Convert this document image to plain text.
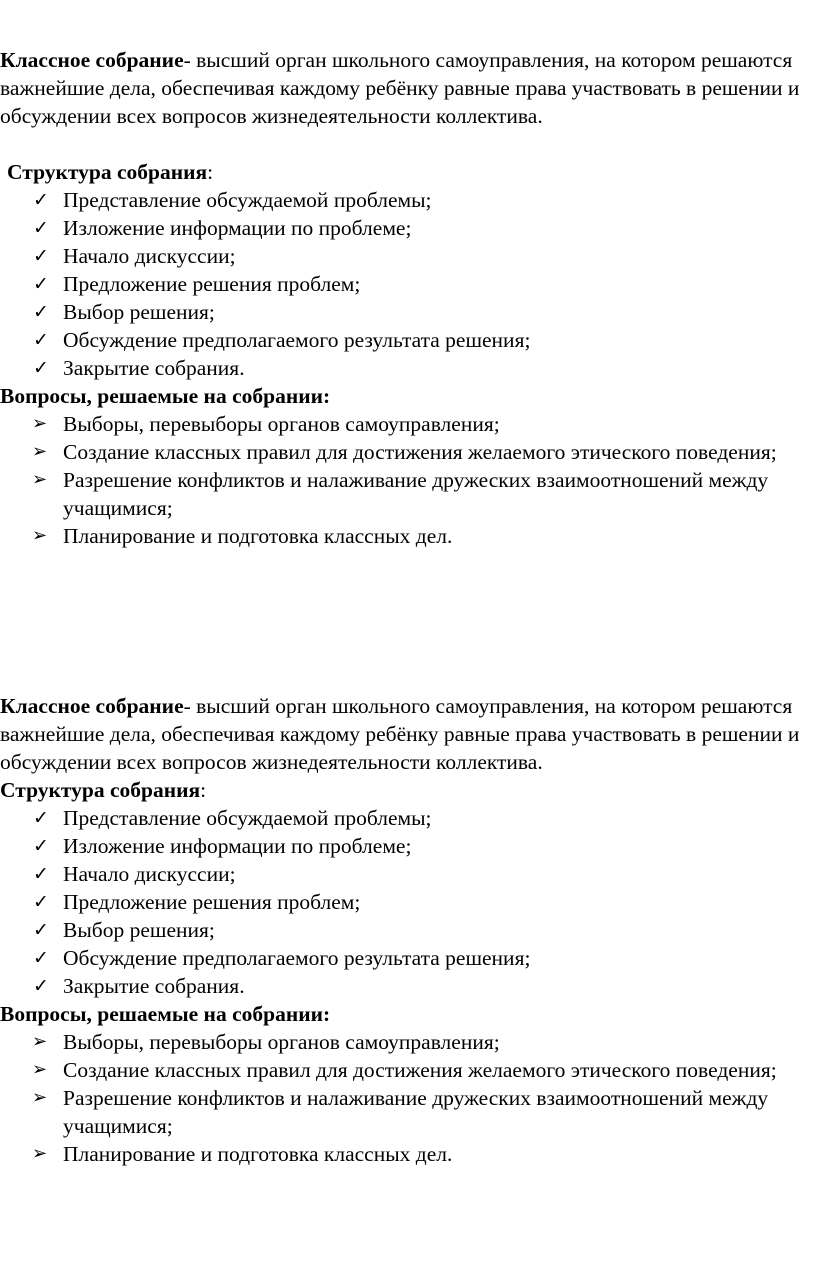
Классное собрание- высший орган школьного самоуправления, на котором решаются важнейшие дела, обеспечивая каждому ребёнку равные права участвовать в решении и обсуждении всех вопросов жизнедеятельности коллектива.

Структура собрания:

✓ Представление обсуждаемой проблемы;
✓ Изложение информации по проблеме;
✓ Начало дискуссии;
✓ Предложение решения проблем;
✓ Выбор решения;
✓ Обсуждение предполагаемого результата решения;
✓ Закрытие собрания.

Вопросы, решаемые на собрании:

➢ Выборы, перевыборы органов самоуправления;
➢ Создание классных правил для достижения желаемого этического поведения;
➢ Разрешение конфликтов и налаживание дружеских взаимоотношений между учащимися;
➢ Планирование и подготовка классных дел.

Классное собрание- высший орган школьного самоуправления, на котором решаются важнейшие дела, обеспечивая каждому ребёнку равные права участвовать в решении и обсуждении всех вопросов жизнедеятельности коллектива.

Структура собрания:

✓ Представление обсуждаемой проблемы;
✓ Изложение информации по проблеме;
✓ Начало дискуссии;
✓ Предложение решения проблем;
✓ Выбор решения;
✓ Обсуждение предполагаемого результата решения;
✓ Закрытие собрания.

Вопросы, решаемые на собрании:

➢ Выборы, перевыборы органов самоуправления;
➢ Создание классных правил для достижения желаемого этического поведения;
➢ Разрешение конфликтов и налаживание дружеских взаимоотношений между учащимися;
➢ Планирование и подготовка классных дел.
